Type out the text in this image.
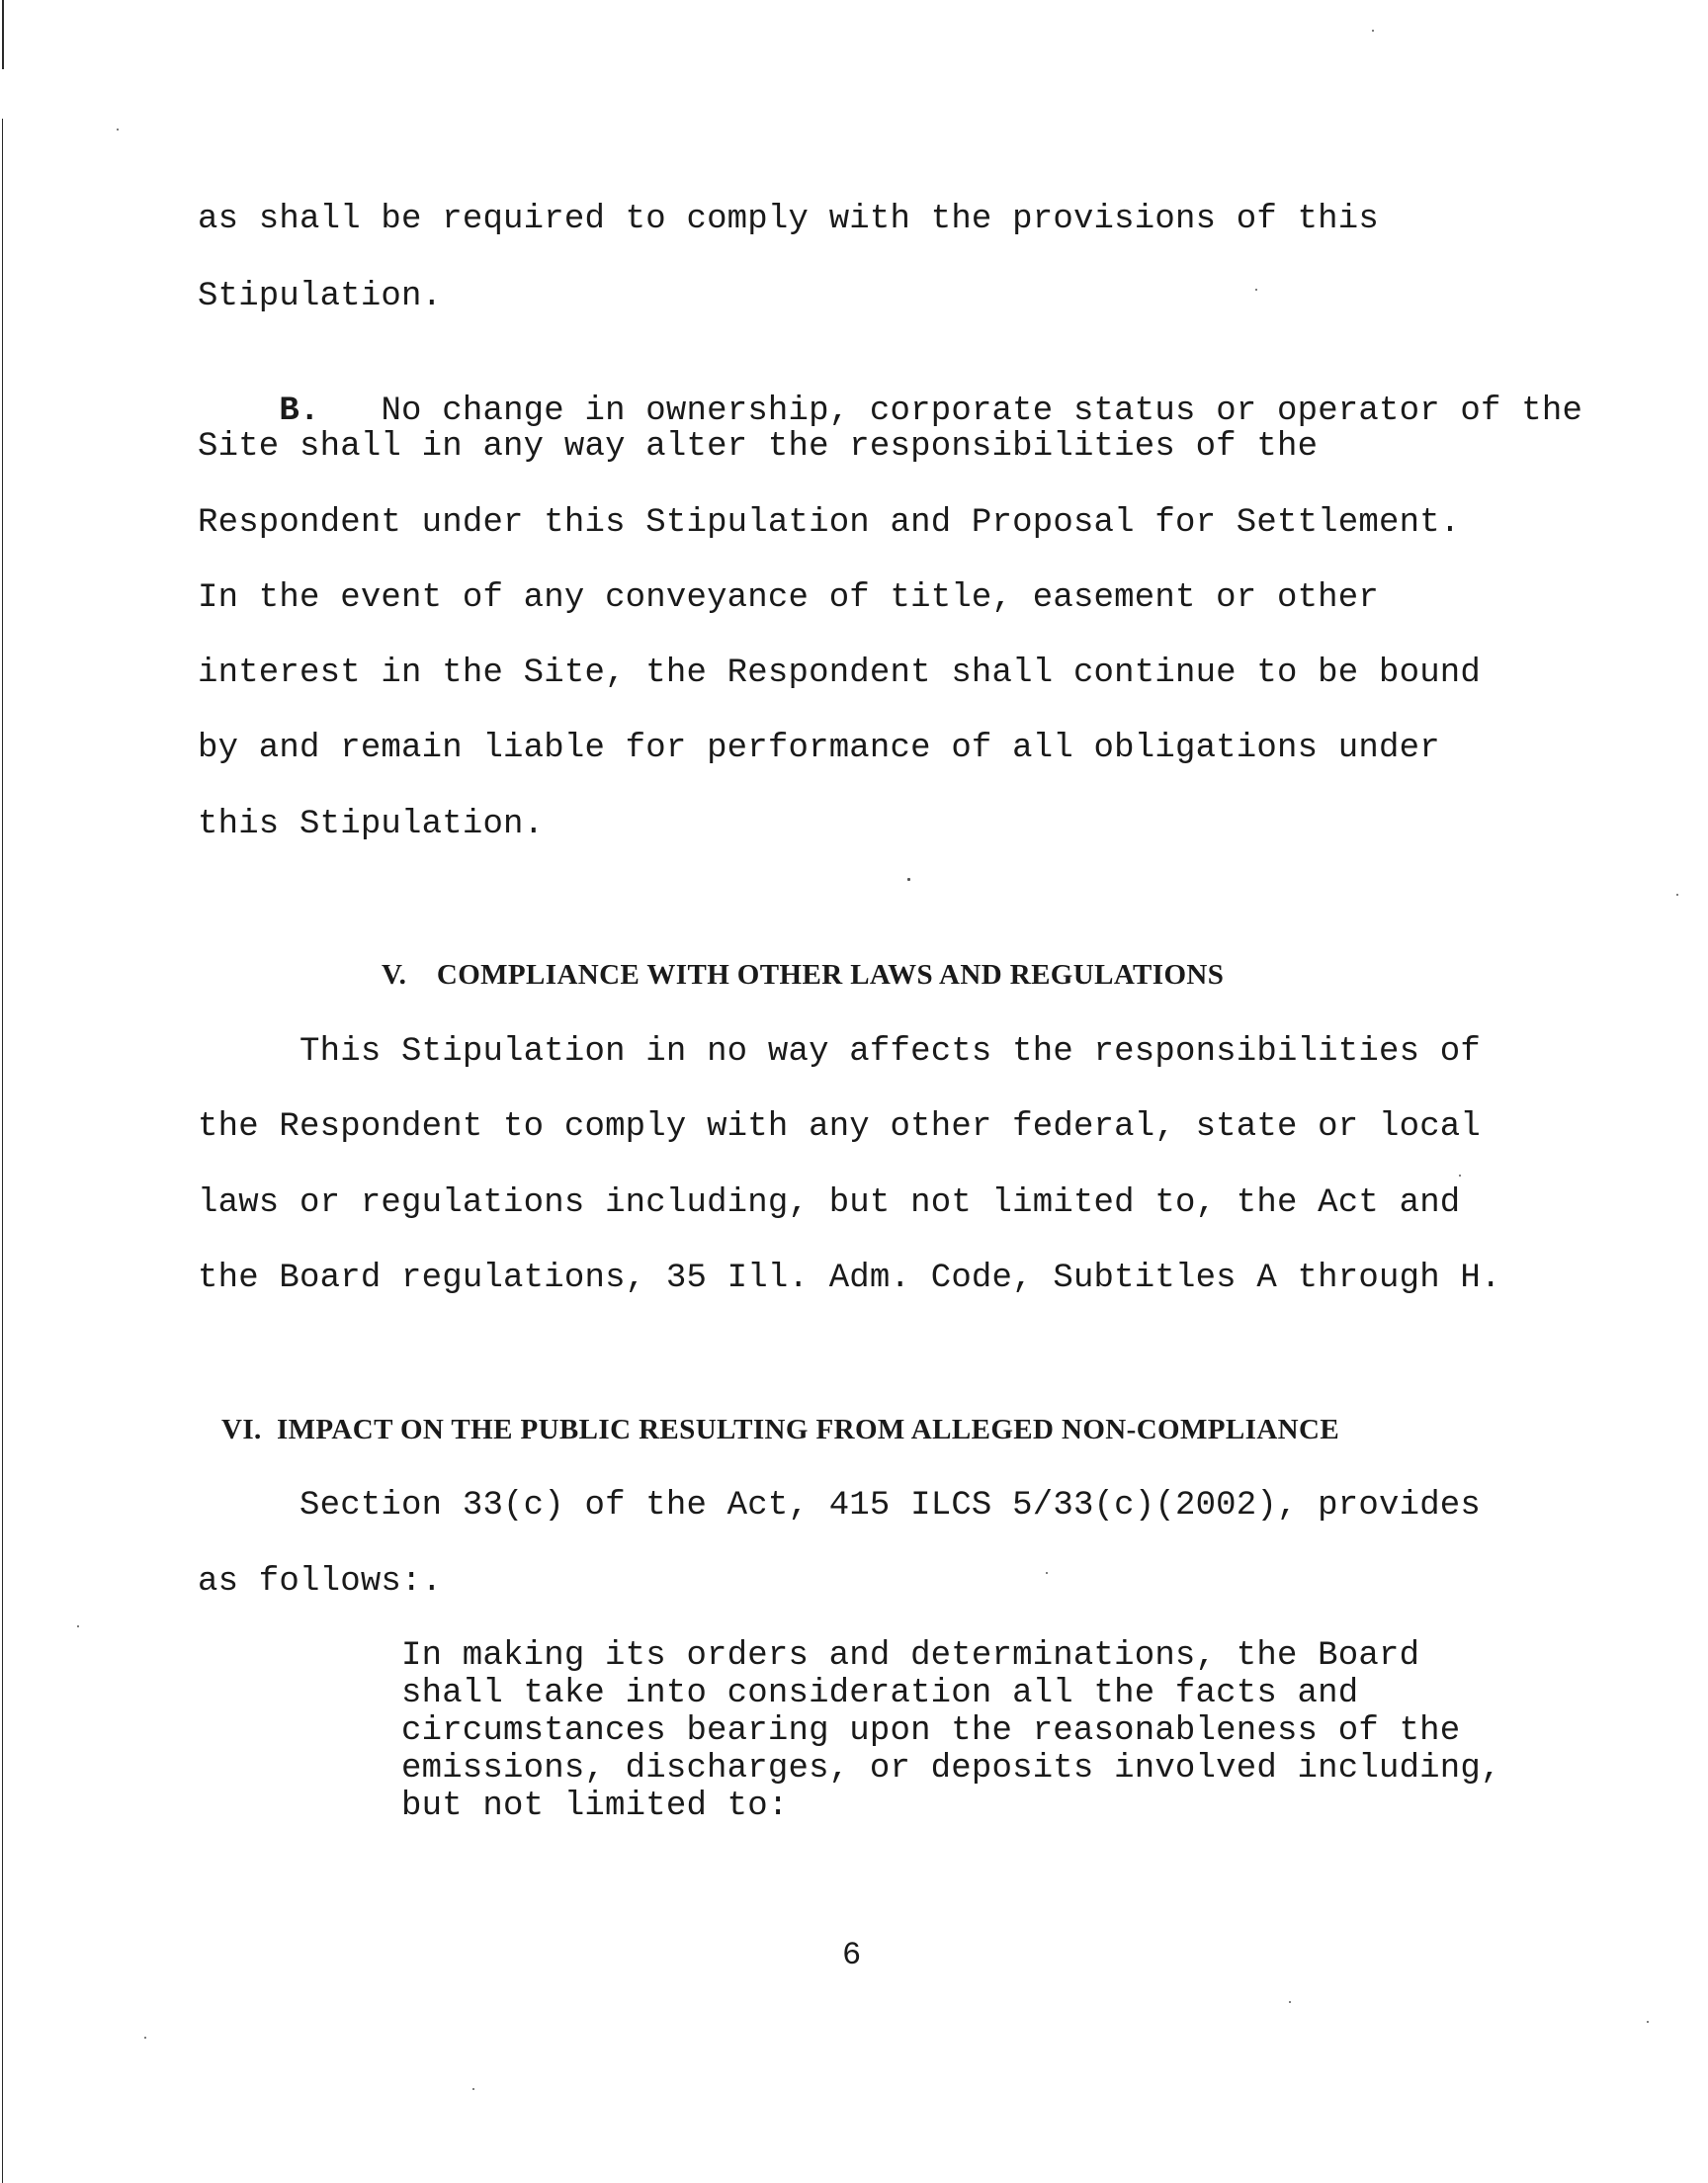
as shall be required to comply with the provisions of this
Stipulation.

B. No change in ownership, corporate status or operator of the

Site shall in any way alter the responsibilities of the
Respondent under this Stipulation and Proposal for Settlement.
In the event of any conveyance of title, easement or other
interest in the Site, the Respondent shall continue to be bound
by and remain liable for performance of all obligations under
this Stipulation.
V.    COMPLIANCE WITH OTHER LAWS AND REGULATIONS
This Stipulation in no way affects the responsibilities of
the Respondent to comply with any other federal, state or local
laws or regulations including, but not limited to, the Act and
the Board regulations, 35 Ill. Adm. Code, Subtitles A through H.
VI.  IMPACT ON THE PUBLIC RESULTING FROM ALLEGED NON-COMPLIANCE
Section 33(c) of the Act, 415 ILCS 5/33(c)(2002), provides
as follows:.
In making its orders and determinations, the Board
shall take into consideration all the facts and
circumstances bearing upon the reasonableness of the
emissions, discharges, or deposits involved including,
but not limited to:
6
